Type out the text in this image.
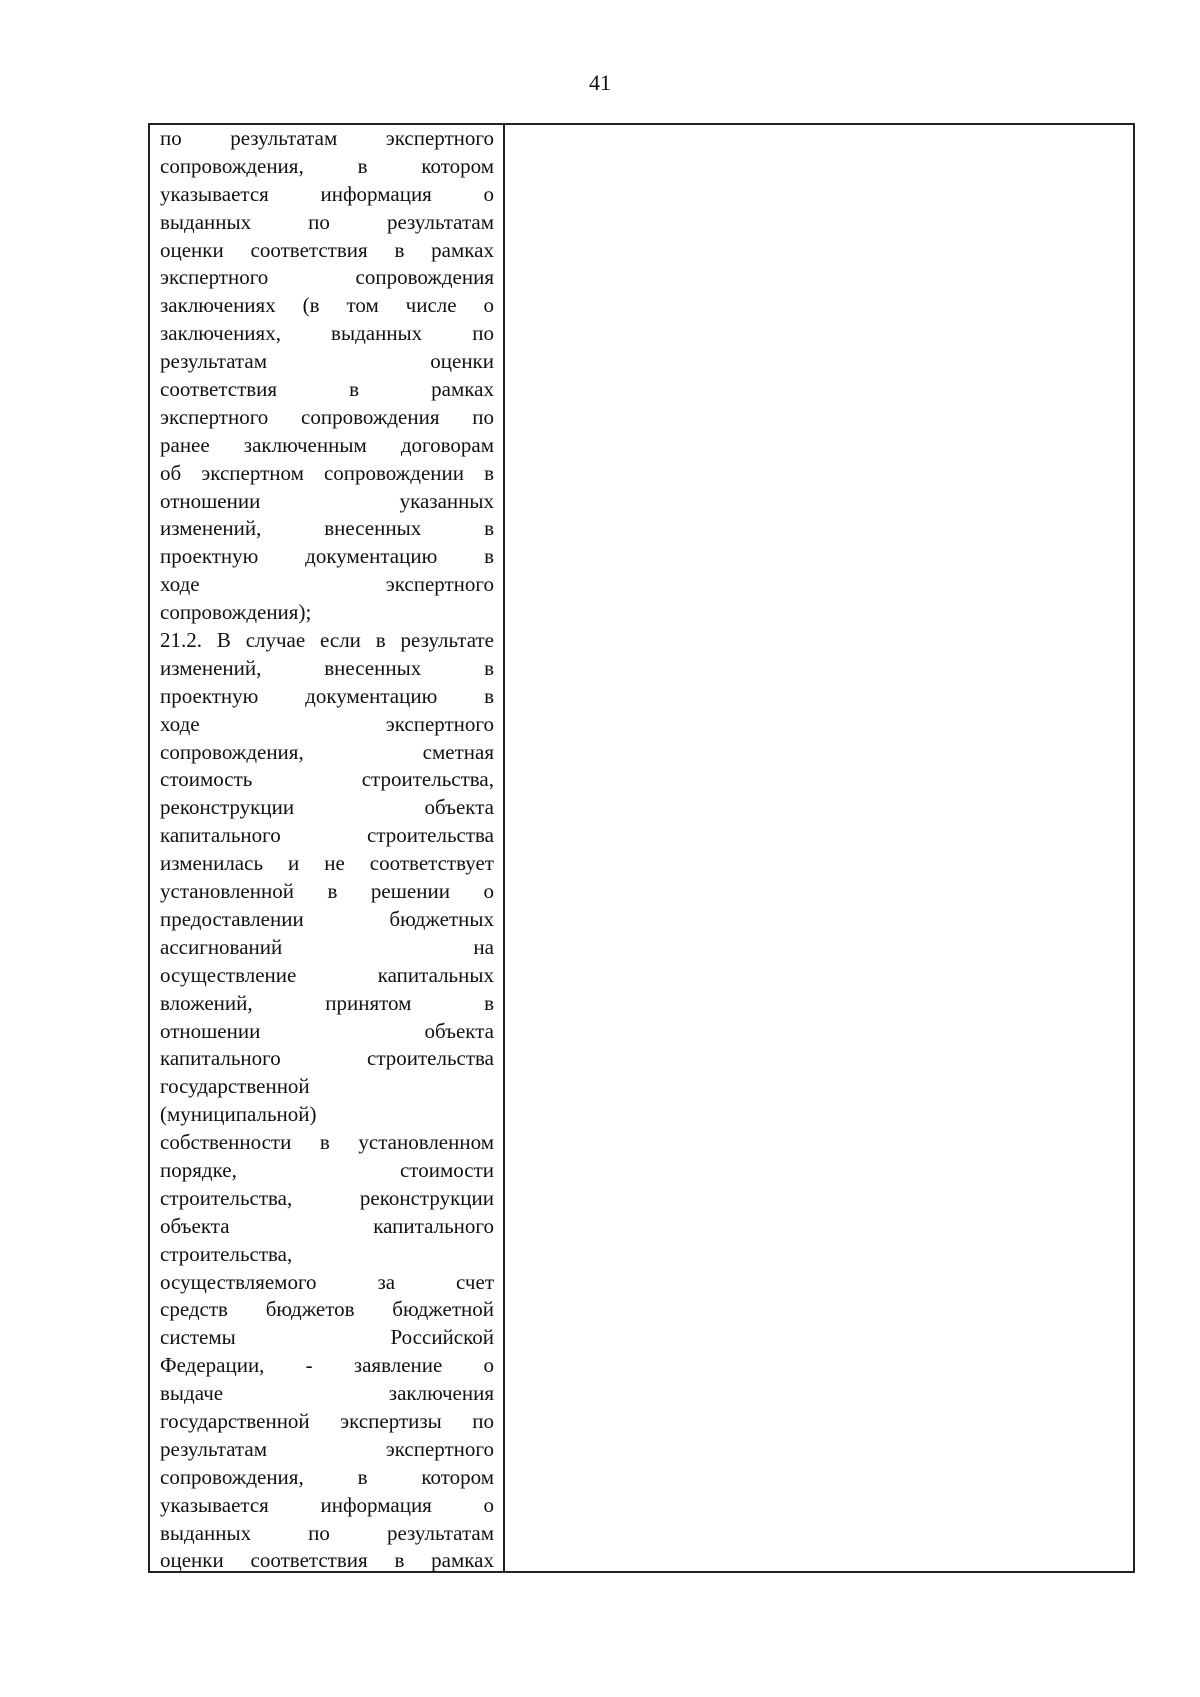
41
по результатам экспертного
сопровождения, в котором
указывается информация о
выданных по результатам
оценки соответствия в рамках
экспертного сопровождения
заключениях (в том числе о
заключениях, выданных по
результатам оценки
соответствия в рамках
экспертного сопровождения по
ранее заключенным договорам
об экспертном сопровождении в
отношении указанных
изменений, внесенных в
проектную документацию в
ходе экспертного
сопровождения);
21.2. В случае если в результате
изменений, внесенных в
проектную документацию в
ходе экспертного
сопровождения, сметная
стоимость строительства,
реконструкции объекта
капитального строительства
изменилась и не соответствует
установленной в решении о
предоставлении бюджетных
ассигнований на
осуществление капитальных
вложений, принятом в
отношении объекта
капитального строительства
государственной
(муниципальной)
собственности в установленном
порядке, стоимости
строительства, реконструкции
объекта капитального
строительства,
осуществляемого за счет
средств бюджетов бюджетной
системы Российской
Федерации, - заявление о
выдаче заключения
государственной экспертизы по
результатам экспертного
сопровождения, в котором
указывается информация о
выданных по результатам
оценки соответствия в рамках
